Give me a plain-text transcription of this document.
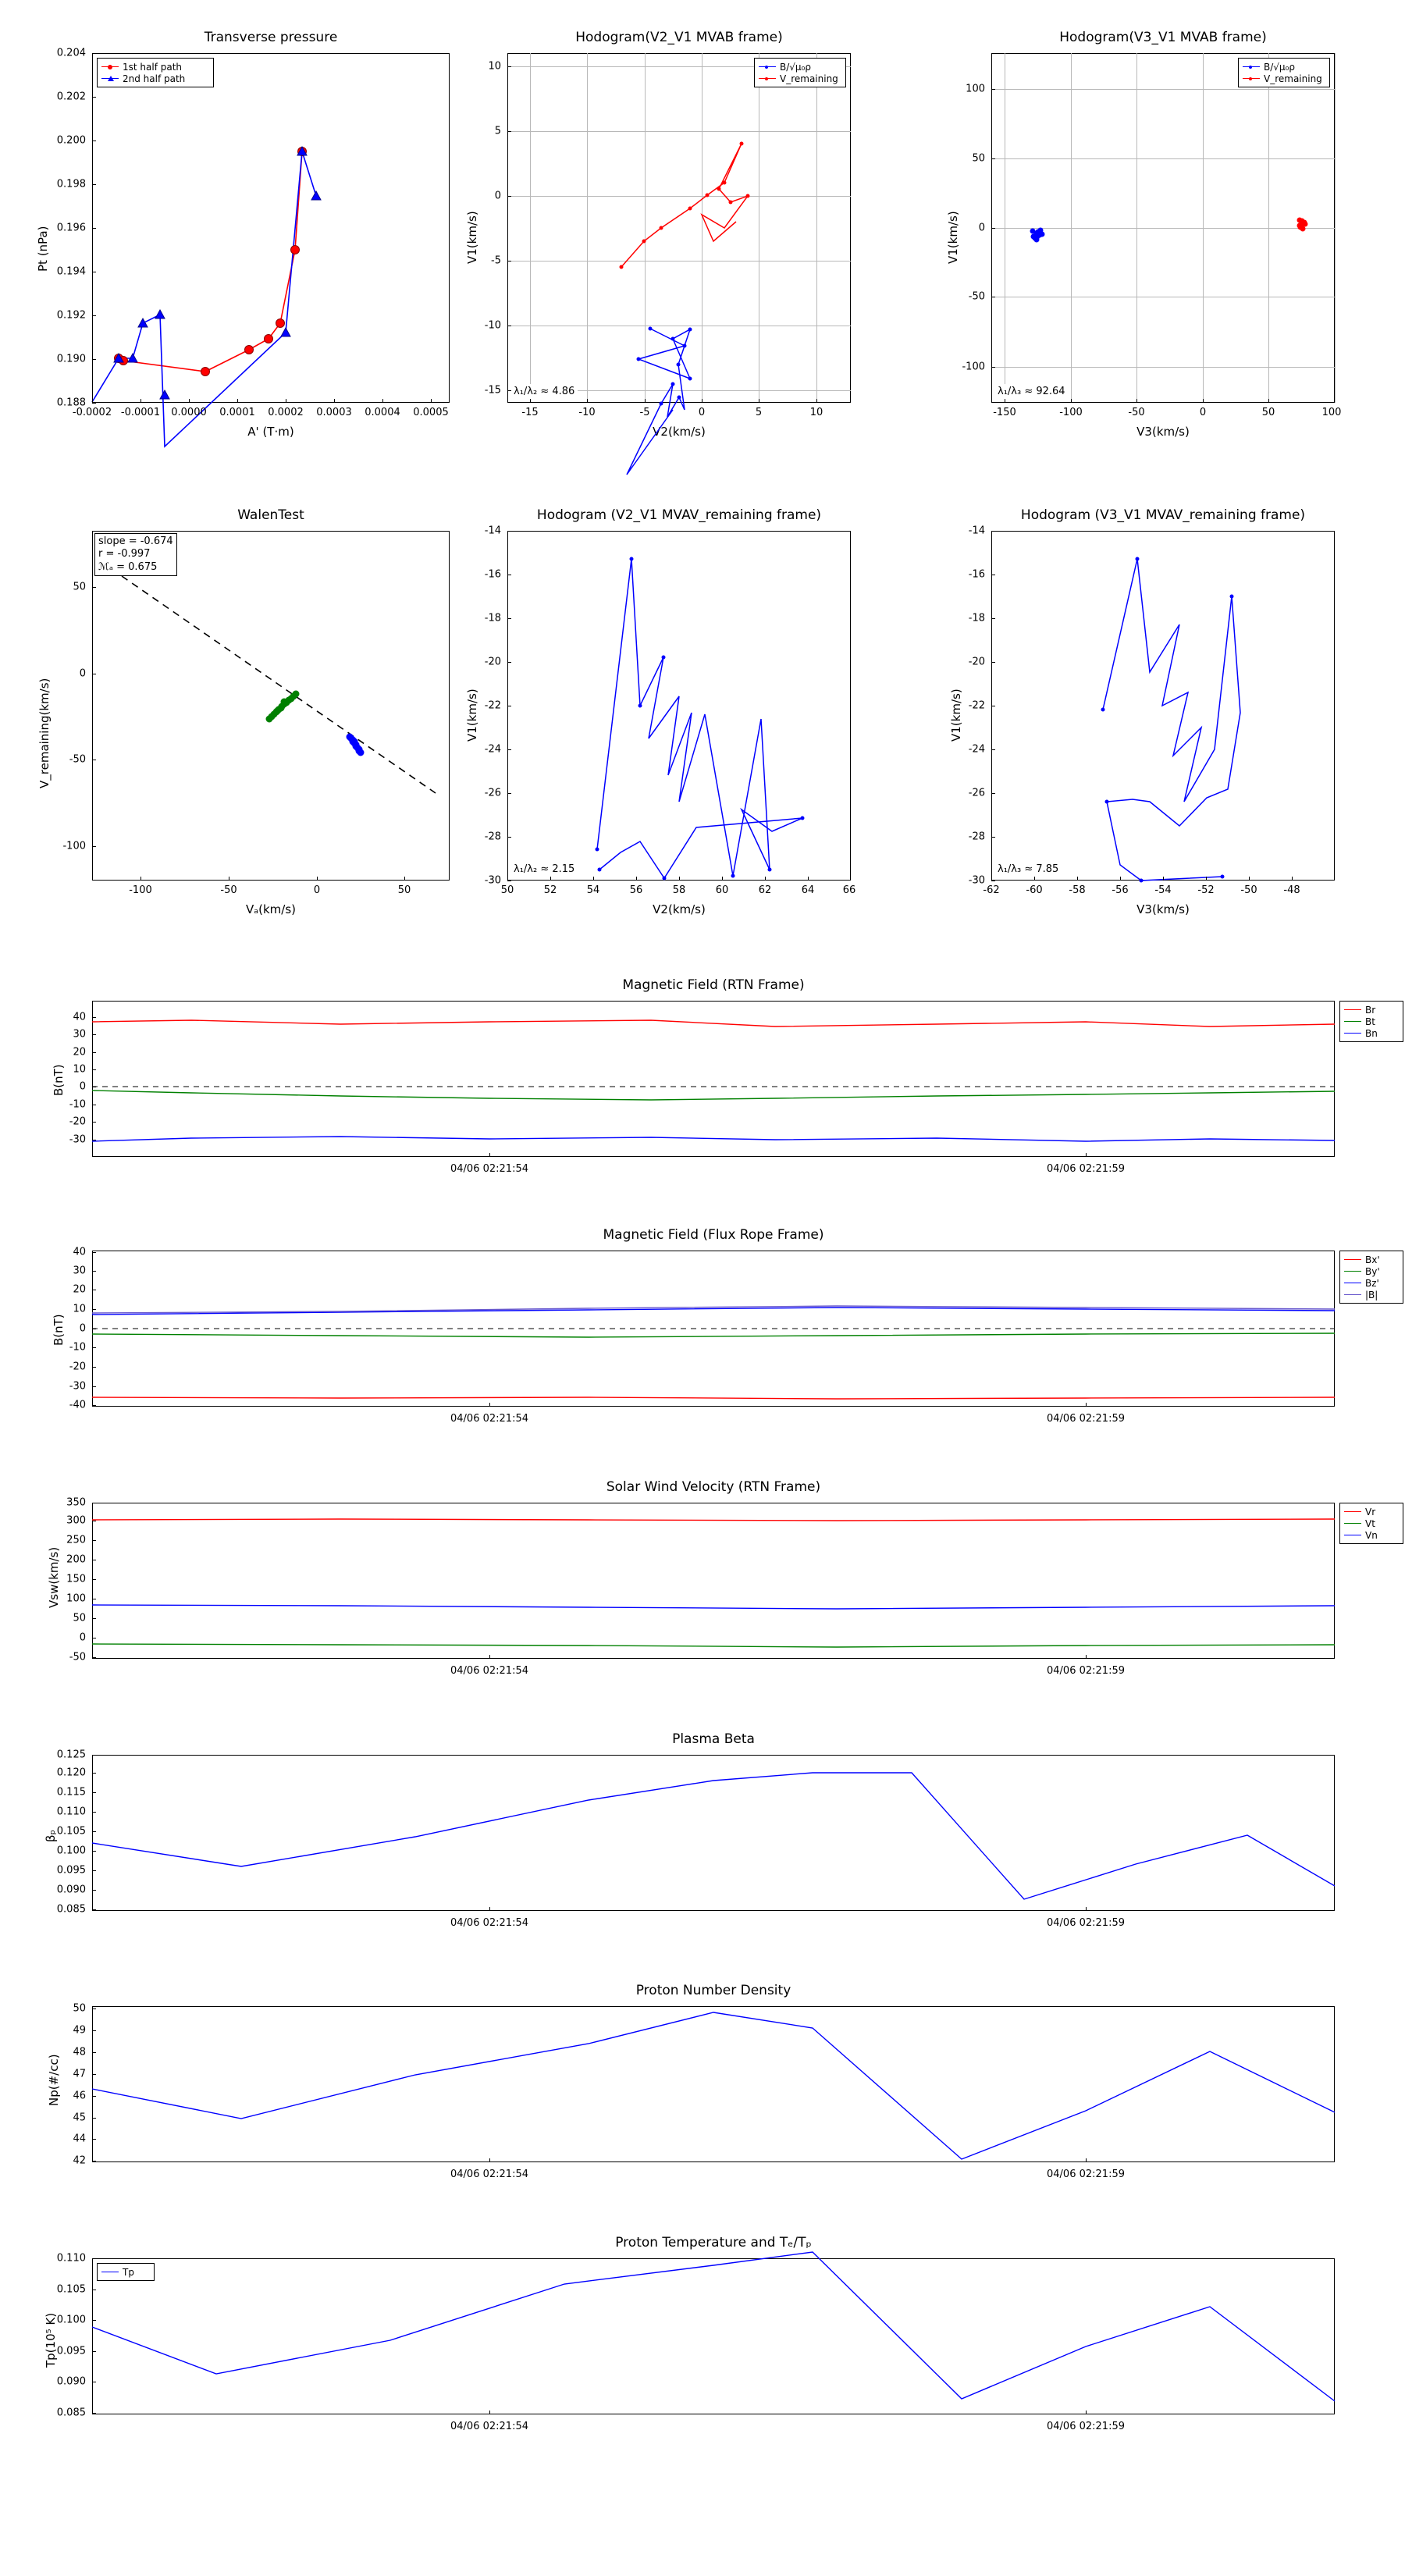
Transverse pressure
Pt (nPa)
A' (T·m)
-0.0002 -0.0001 0.0000 0.0001 0.0002 0.0003 0.0004 0.0005
0.188
0.190
0.192
0.194
0.196
0.198
0.200
0.202
0.204
1st half path
2nd half path
Hodogram(V2_V1 MVAB frame)
V1(km/s)
V2(km/s)
λ₁/λ₂ ≈ 4.86
-15	-10	-5	0	5	10
-15
-10
-5
0
5
10	B/√μ₀ρ
V_remaining
Hodogram(V3_V1 MVAB frame)
V1(km/s)
V3(km/s)
λ₁/λ₃ ≈ 92.64
-150	-100	-50	0	50	100
-100
-50
0
50
100
B/√μ₀ρ
V_remaining
WalenTest
V_remaining(km/s)
Vₐ(km/s)
slope = -0.674
r = -0.997
ℳₐ = 0.675
-100	-50	0	50
-100
-50
0
50
Hodogram (V2_V1 MVAV_remaining frame)
V1(km/s)
V2(km/s)
λ₁/λ₂ ≈ 2.15
50	52	54	56	58	60	62	64	66
-30
-28
-26
-24
-22
-20
-18
-16
-14
Hodogram (V3_V1 MVAV_remaining frame)
V1(km/s)
V3(km/s)
λ₁/λ₃ ≈ 7.85
-62	-60	-58	-56	-54	-52	-50	-48
-30
-28
-26
-24
-22
-20
-18
-16
-14
Magnetic Field (RTN Frame)
B(nT)
-30
-20
-10
0
10
20
30
40
04/06 02:21:54	04/06 02:21:59
Br
Bt
Bn
Magnetic Field (Flux Rope Frame)
B(nT)
-40
-30
-20
-10
0
10
20
30
40
04/06 02:21:54	04/06 02:21:59
Bx'
By'
Bz'
|B|
Solar Wind Velocity (RTN Frame)
Vsw(km/s)
-50
0
50
100
150
200
250
300
350
04/06 02:21:54	04/06 02:21:59
Vr
Vt
Vn
Plasma Beta
βₚ
0.085
0.090
0.095
0.100
0.105
0.110
0.115
0.120
0.125
04/06 02:21:54	04/06 02:21:59
Proton Number Density
Np(#/cc)
42
44
45
46
47
48
49
50
04/06 02:21:54	04/06 02:21:59
Proton Temperature and Tₑ/Tₚ
Tp(10⁵ K)
0.085
0.090
0.095
0.100
0.105
0.110
04/06 02:21:54	04/06 02:21:59
Tp
